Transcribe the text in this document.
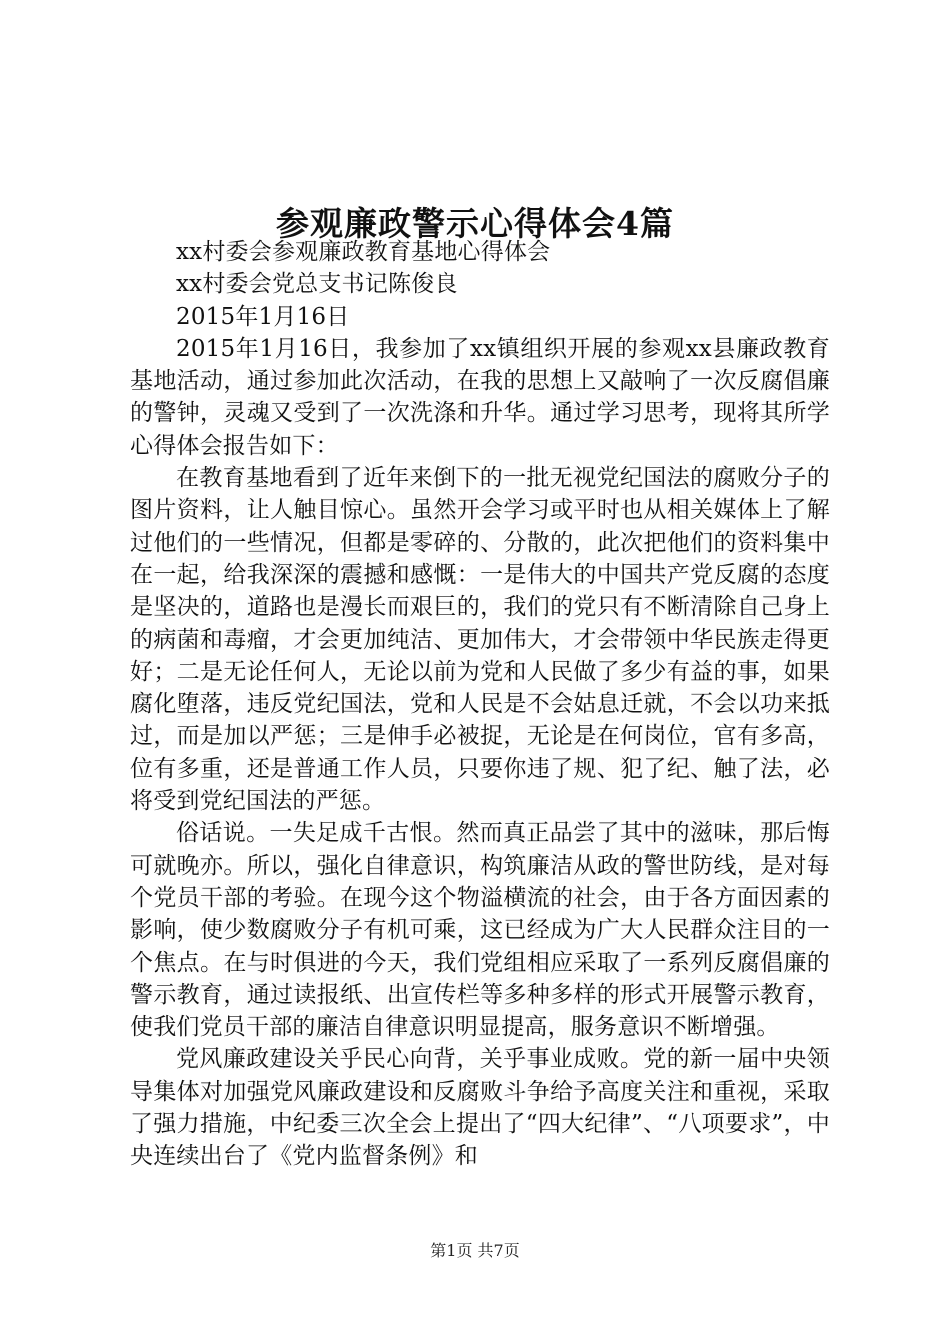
参观廉政警示心得体会4篇

xx村委会参观廉政教育基地心得体会

xx村委会党总支书记陈俊良

2015年1月16日

2015年1月16日，我参加了xx镇组织开展的参观xx县廉政教育基地活动，通过参加此次活动，在我的思想上又敲响了一次反腐倡廉的警钟，灵魂又受到了一次洗涤和升华。通过学习思考，现将其所学心得体会报告如下：

在教育基地看到了近年来倒下的一批无视党纪国法的腐败分子的图片资料，让人触目惊心。虽然开会学习或平时也从相关媒体上了解过他们的一些情况，但都是零碎的、分散的，此次把他们的资料集中在一起，给我深深的震撼和感慨：一是伟大的中国共产党反腐的态度是坚决的，道路也是漫长而艰巨的，我们的党只有不断清除自己身上的病菌和毒瘤，才会更加纯洁、更加伟大，才会带领中华民族走得更好；二是无论任何人，无论以前为党和人民做了多少有益的事，如果腐化堕落，违反党纪国法，党和人民是不会姑息迁就，不会以功来抵过，而是加以严惩；三是伸手必被捉，无论是在何岗位，官有多高，位有多重，还是普通工作人员，只要你违了规、犯了纪、触了法，必将受到党纪国法的严惩。

俗话说。一失足成千古恨。然而真正品尝了其中的滋味，那后悔可就晚亦。所以，强化自律意识，构筑廉洁从政的警世防线，是对每个党员干部的考验。在现今这个物溢横流的社会，由于各方面因素的影响，使少数腐败分子有机可乘，这已经成为广大人民群众注目的一个焦点。在与时俱进的今天，我们党组相应采取了一系列反腐倡廉的警示教育，通过读报纸、出宣传栏等多种多样的形式开展警示教育，使我们党员干部的廉洁自律意识明显提高，服务意识不断增强。

党风廉政建设关乎民心向背，关乎事业成败。党的新一届中央领导集体对加强党风廉政建设和反腐败斗争给予高度关注和重视，采取了强力措施，中纪委三次全会上提出了“四大纪律”、“八项要求”，中央连续出台了《党内监督条例》和

第1页 共7页
